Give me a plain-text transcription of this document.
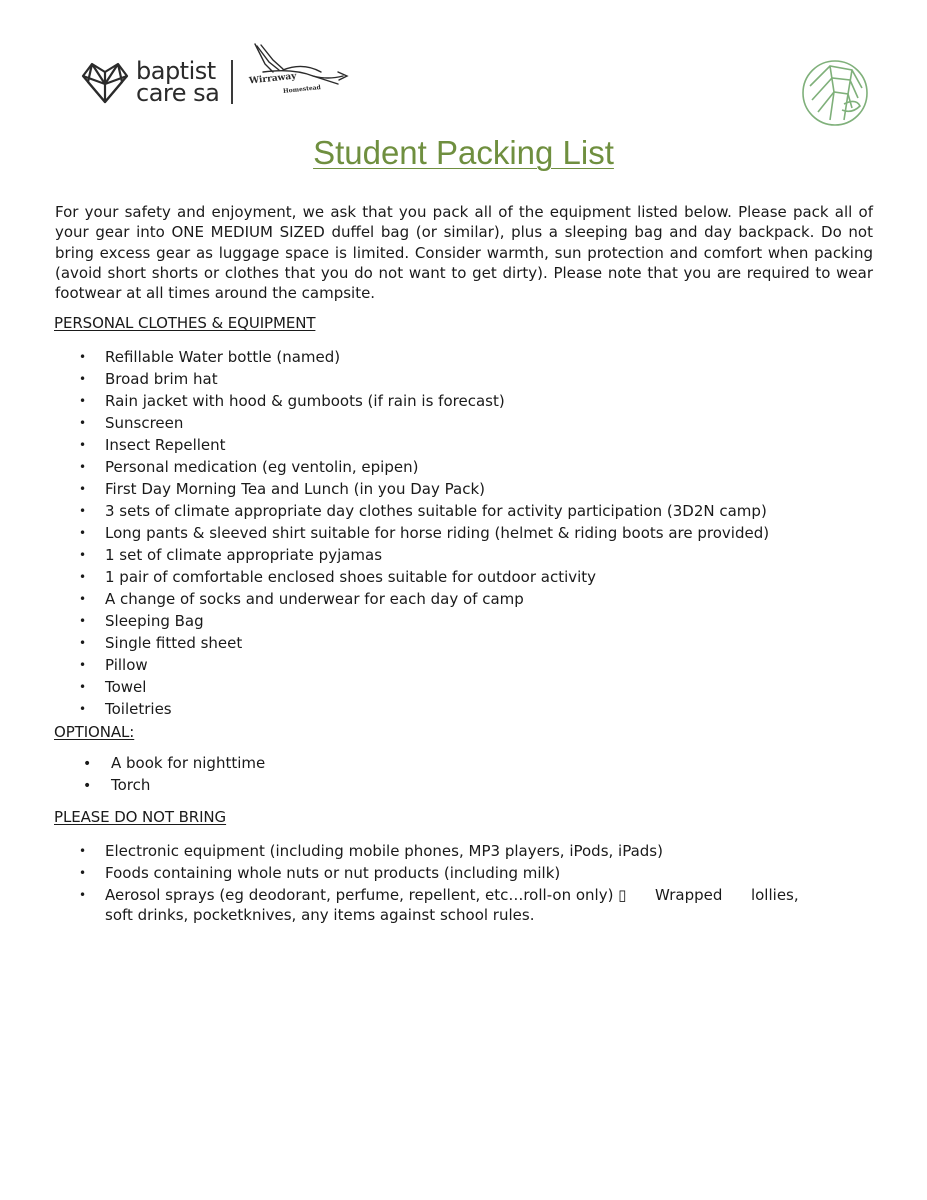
baptist
care sa	Wirraway
Homestead
Student Packing List

For your safety and enjoyment, we ask that you pack all of the equipment listed below. Please pack all of your gear into ONE MEDIUM SIZED duffel bag (or similar), plus a sleeping bag and day backpack. Do not bring excess gear as luggage space is limited. Consider warmth, sun protection and comfort when packing (avoid short shorts or clothes that you do not want to get dirty). Please note that you are required to wear footwear at all times around the campsite.

PERSONAL CLOTHES & EQUIPMENT
• Refillable Water bottle (named)
• Broad brim hat
• Rain jacket with hood & gumboots (if rain is forecast)
• Sunscreen
• Insect Repellent
• Personal medication (eg ventolin, epipen)
• First Day Morning Tea and Lunch (in you Day Pack)
• 3 sets of climate appropriate day clothes suitable for activity participation (3D2N camp)
• Long pants & sleeved shirt suitable for horse riding (helmet & riding boots are provided)
• 1 set of climate appropriate pyjamas
• 1 pair of comfortable enclosed shoes suitable for outdoor activity
• A change of socks and underwear for each day of camp
• Sleeping Bag
• Single fitted sheet
• Pillow
• Towel
• Toiletries
OPTIONAL:
• A book for nighttime
• Torch
PLEASE DO NOT BRING
• Electronic equipment (including mobile phones, MP3 players, iPods, iPads)
• Foods containing whole nuts or nut products (including milk)
• Aerosol sprays (eg deodorant, perfume, repellent, etc…roll-on only) ▯      Wrapped      lollies,
soft drinks, pocketknives, any items against school rules.
